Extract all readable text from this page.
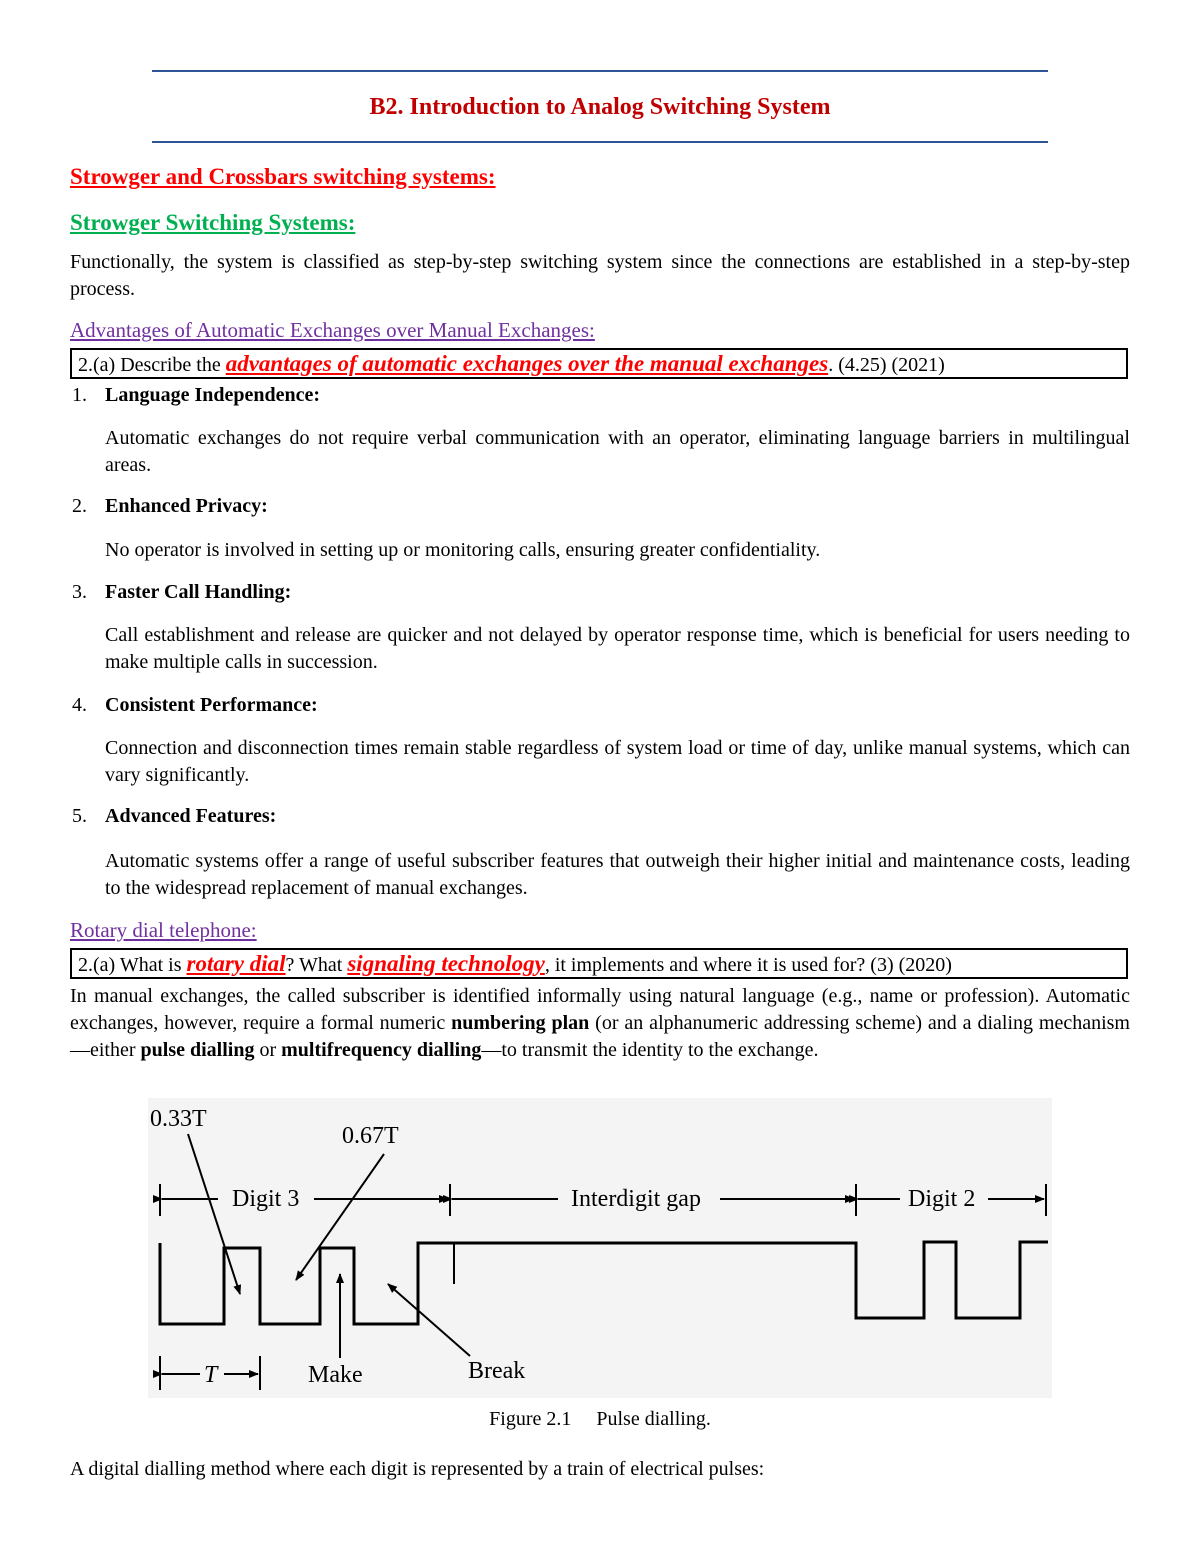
B2. Introduction to Analog Switching System
Strowger and Crossbars switching systems:
Strowger Switching Systems:
Functionally, the system is classified as step-by-step switching system since the connections are established in a step-by-step process.
Advantages of Automatic Exchanges over Manual Exchanges:
2.(a) Describe the advantages of automatic exchanges over the manual exchanges. (4.25) (2021)
1. Language Independence:
Automatic exchanges do not require verbal communication with an operator, eliminating language barriers in multilingual areas.
2. Enhanced Privacy:
No operator is involved in setting up or monitoring calls, ensuring greater confidentiality.
3. Faster Call Handling:
Call establishment and release are quicker and not delayed by operator response time, which is beneficial for users needing to make multiple calls in succession.
4. Consistent Performance:
Connection and disconnection times remain stable regardless of system load or time of day, unlike manual systems, which can vary significantly.
5. Advanced Features:
Automatic systems offer a range of useful subscriber features that outweigh their higher initial and maintenance costs, leading to the widespread replacement of manual exchanges.
Rotary dial telephone:
2.(a) What is rotary dial? What signaling technology, it implements and where it is used for? (3) (2020)
In manual exchanges, the called subscriber is identified informally using natural language (e.g., name or profession). Automatic exchanges, however, require a formal numeric numbering plan (or an alphanumeric addressing scheme) and a dialing mechanism—either pulse dialling or multifrequency dialling—to transmit the identity to the exchange.
0.33T
0.67T
Digit 3	Interdigit gap	Digit 2
T	Make	Break
Figure 2.1  Pulse dialling.
A digital dialling method where each digit is represented by a train of electrical pulses:
